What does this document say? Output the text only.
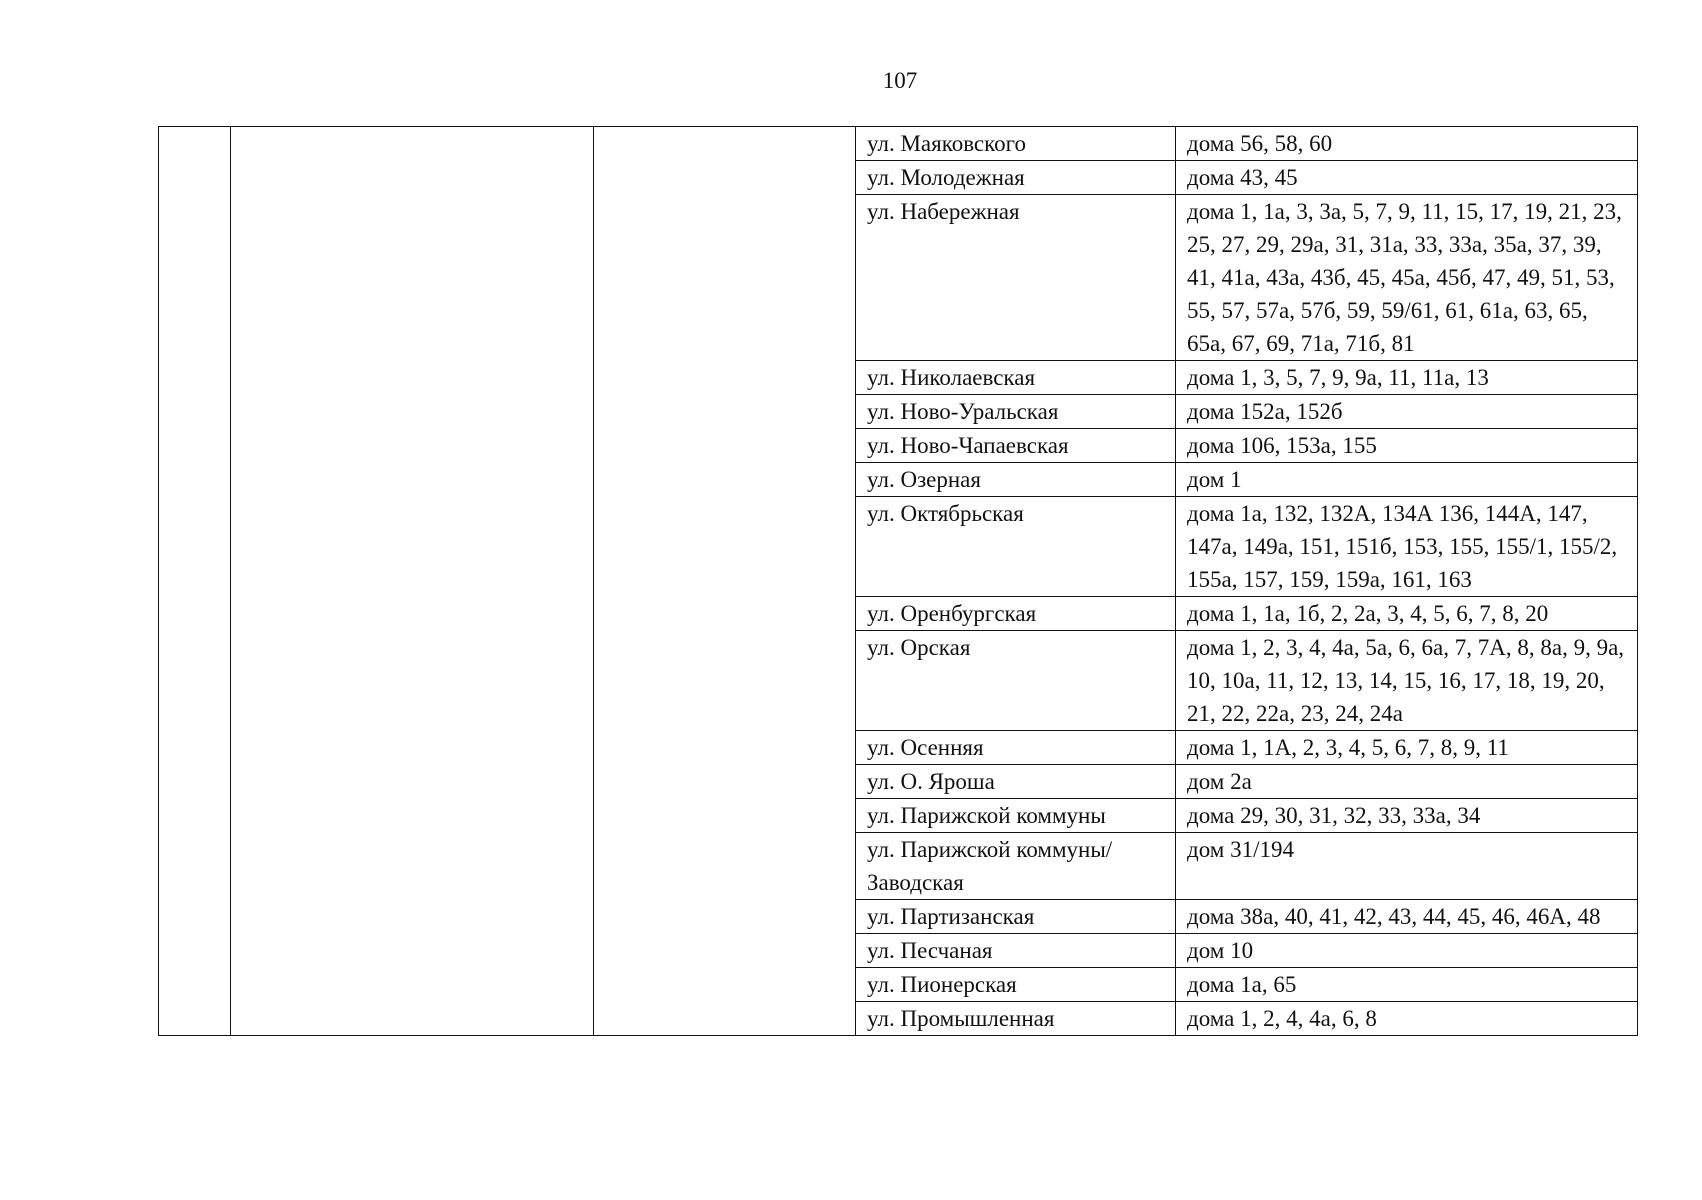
107
			ул. Маяковского	дома 56, 58, 60
			ул. Молодежная	дома 43, 45
			ул. Набережная	дома 1, 1а, 3, 3а, 5, 7, 9, 11, 15, 17, 19, 21, 23, 25, 27, 29, 29а, 31, 31а, 33, 33а, 35а, 37, 39, 41, 41а, 43а, 43б, 45, 45а, 45б, 47, 49, 51, 53, 55, 57, 57а, 57б, 59, 59/61, 61, 61а, 63, 65, 65а, 67, 69, 71а, 71б, 81
			ул. Николаевская	дома 1, 3, 5, 7, 9, 9а, 11, 11а, 13
			ул. Ново-Уральская	дома 152а, 152б
			ул. Ново-Чапаевская	дома 106, 153а, 155
			ул. Озерная	дом 1
			ул. Октябрьская	дома 1а, 132, 132А, 134А 136, 144А, 147, 147а, 149а, 151, 151б, 153, 155, 155/1, 155/2, 155а, 157, 159, 159а, 161, 163
			ул. Оренбургская	дома 1, 1а, 1б, 2, 2а, 3, 4, 5, 6, 7, 8, 20
			ул. Орская	дома 1, 2, 3, 4, 4а, 5а, 6, 6а, 7, 7А, 8, 8а, 9, 9а, 10, 10а, 11, 12, 13, 14, 15, 16, 17, 18, 19, 20, 21, 22, 22а, 23, 24, 24а
			ул. Осенняя	дома 1, 1А, 2, 3, 4, 5, 6, 7, 8, 9, 11
			ул. О. Яроша	дом 2а
			ул. Парижской коммуны	дома 29, 30, 31, 32, 33, 33а, 34
			ул. Парижской коммуны/ Заводская	дом 31/194
			ул. Партизанская	дома 38а, 40, 41, 42, 43, 44, 45, 46, 46А, 48
			ул. Песчаная	дом 10
			ул. Пионерская	дома 1а, 65
			ул. Промышленная	дома 1, 2, 4, 4а, 6, 8
